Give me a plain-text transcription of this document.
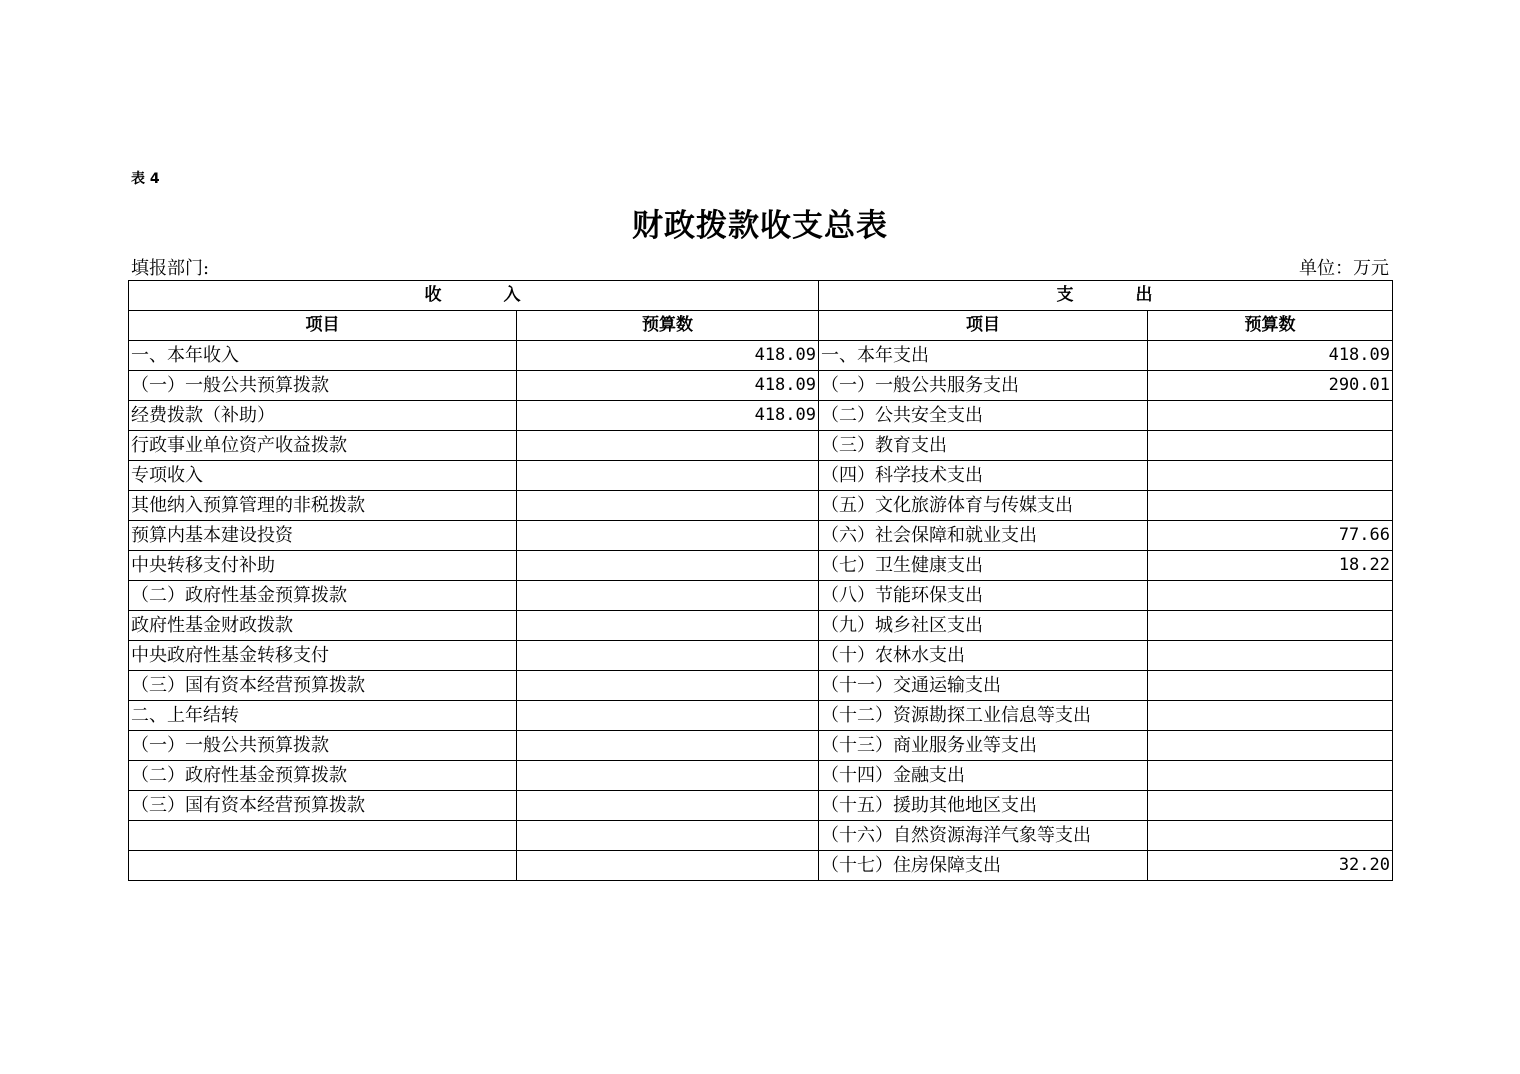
表 4
财政拨款收支总表
填报部门:	单位：万元
收 入		支 出	
项目	预算数	项目	预算数
一、本年收入	418.09	一、本年支出	418.09
（一）一般公共预算拨款	418.09	（一）一般公共服务支出	290.01
经费拨款（补助）	418.09	（二）公共安全支出	
行政事业单位资产收益拨款		（三）教育支出	
专项收入		（四）科学技术支出	
其他纳入预算管理的非税拨款		（五）文化旅游体育与传媒支出	
预算内基本建设投资		（六）社会保障和就业支出	77.66
中央转移支付补助		（七）卫生健康支出	18.22
（二）政府性基金预算拨款		（八）节能环保支出	
政府性基金财政拨款		（九）城乡社区支出	
中央政府性基金转移支付		（十）农林水支出	
（三）国有资本经营预算拨款		（十一）交通运输支出	
二、上年结转		（十二）资源勘探工业信息等支出	
（一）一般公共预算拨款		（十三）商业服务业等支出	
（二）政府性基金预算拨款		（十四）金融支出	
（三）国有资本经营预算拨款		（十五）援助其他地区支出	
		（十六）自然资源海洋气象等支出	
		（十七）住房保障支出	32.20
